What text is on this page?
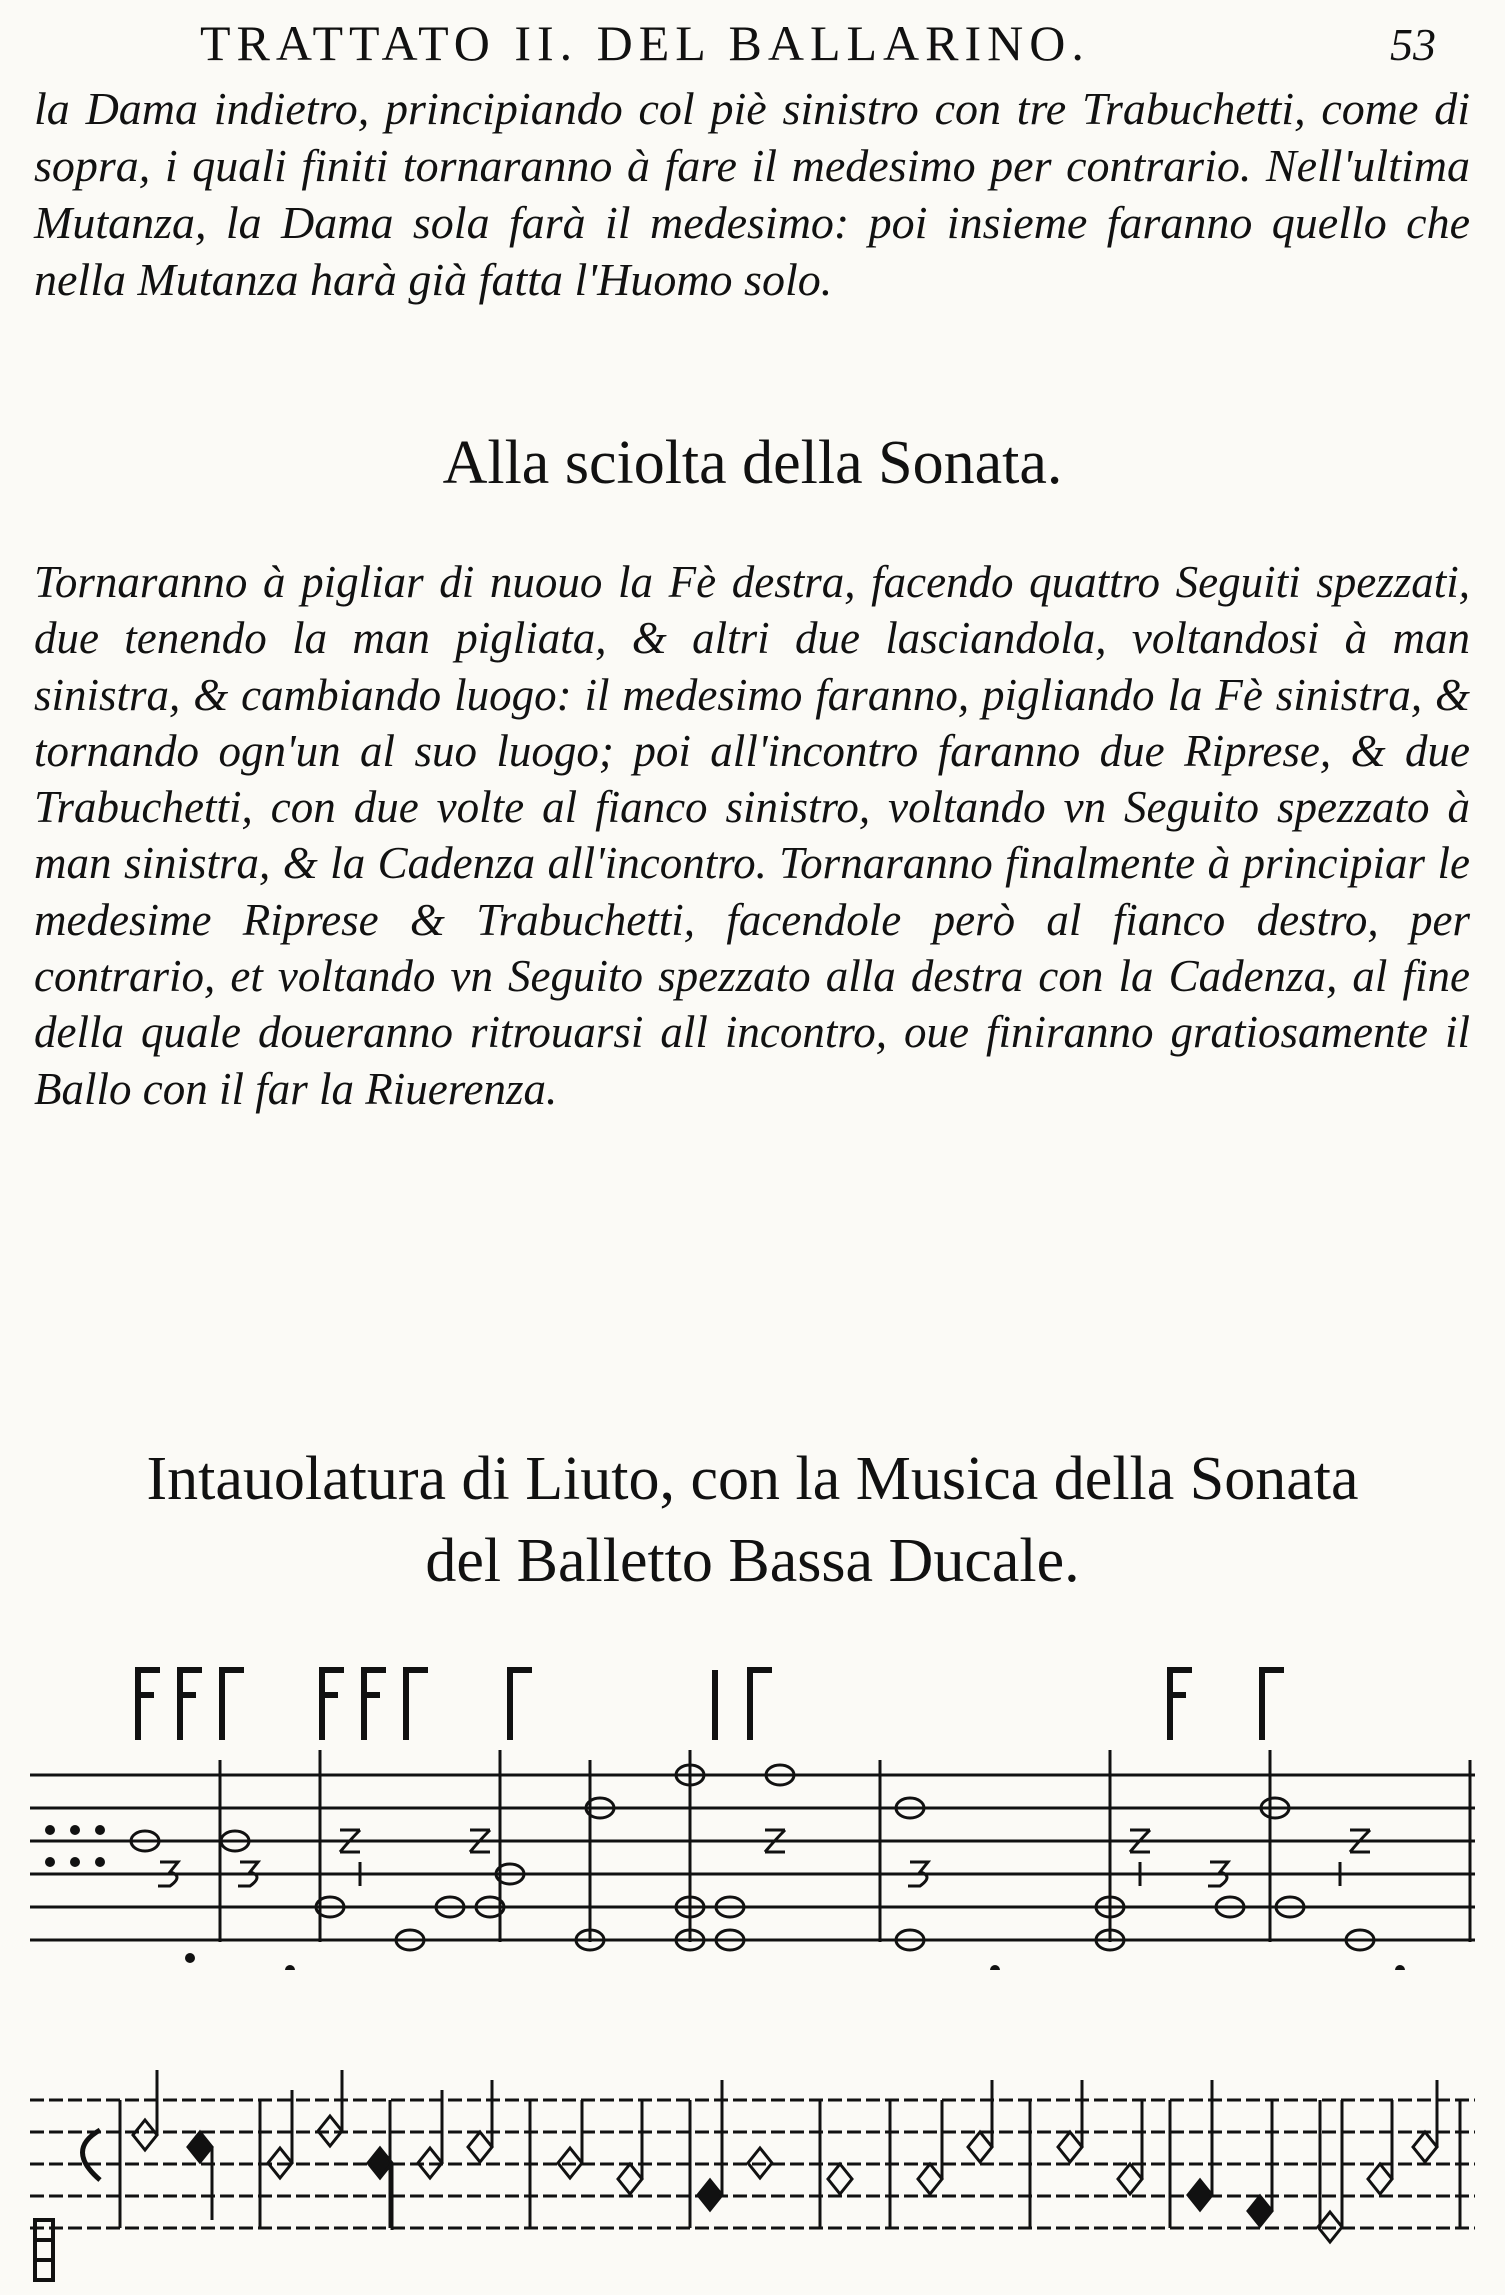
TRATTATO II. DEL BALLARINO.	53

la Dama indietro, principiando col piè sinistro con tre Trabuchetti, come di sopra, i quali finiti tornaranno à fare il medesimo per contrario. Nell'ultima Mutanza, la Dama sola farà il medesimo: poi insieme faranno quello che nella Mutanza harà già fatta l'Huomo solo.

Alla sciolta della Sonata.

Tornaranno à pigliar di nuouo la Fè destra, facendo quattro Seguiti spezzati, due tenendo la man pigliata, & altri due lasciandola, voltandosi à man sinistra, & cambiando luogo: il medesimo faranno, pigliando la Fè sinistra, & tornando ogn'un al suo luogo; poi all'incontro faranno due Riprese, & due Trabuchetti, con due volte al fianco sinistro, voltando vn Seguito spezzato à man sinistra, & la Cadenza all'incontro. Tornaranno finalmente à principiar le medesime Riprese & Trabuchetti, facendole però al fianco destro, per contrario, et voltando vn Seguito spezzato alla destra con la Cadenza, al fine della quale doueranno ritrouarsi all incontro, oue finiranno gratiosamente il Ballo con il far la Riuerenza.

Intauolatura di Liuto, con la Musica della Sonata
del Balletto Bassa Ducale.
